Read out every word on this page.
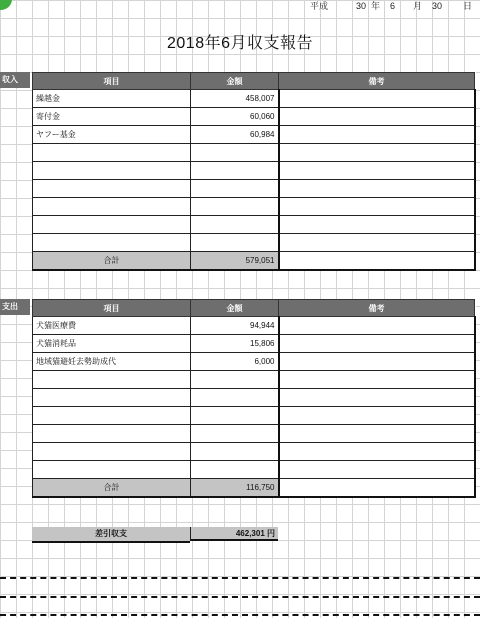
平成	30 年 6 月 30 日
2018年6月収支報告
収入	項目	金額	備考
繰越金	458,007	
寄付金	60,060	
ヤフー基金	60,984	

合計	579,051	
支出	項目	金額	備考
犬猫医療費	94,944	
犬猫消耗品	15,806	
地域猫避妊去勢助成代	6,000	

合計	116,750	
差引収支	462,301 円
